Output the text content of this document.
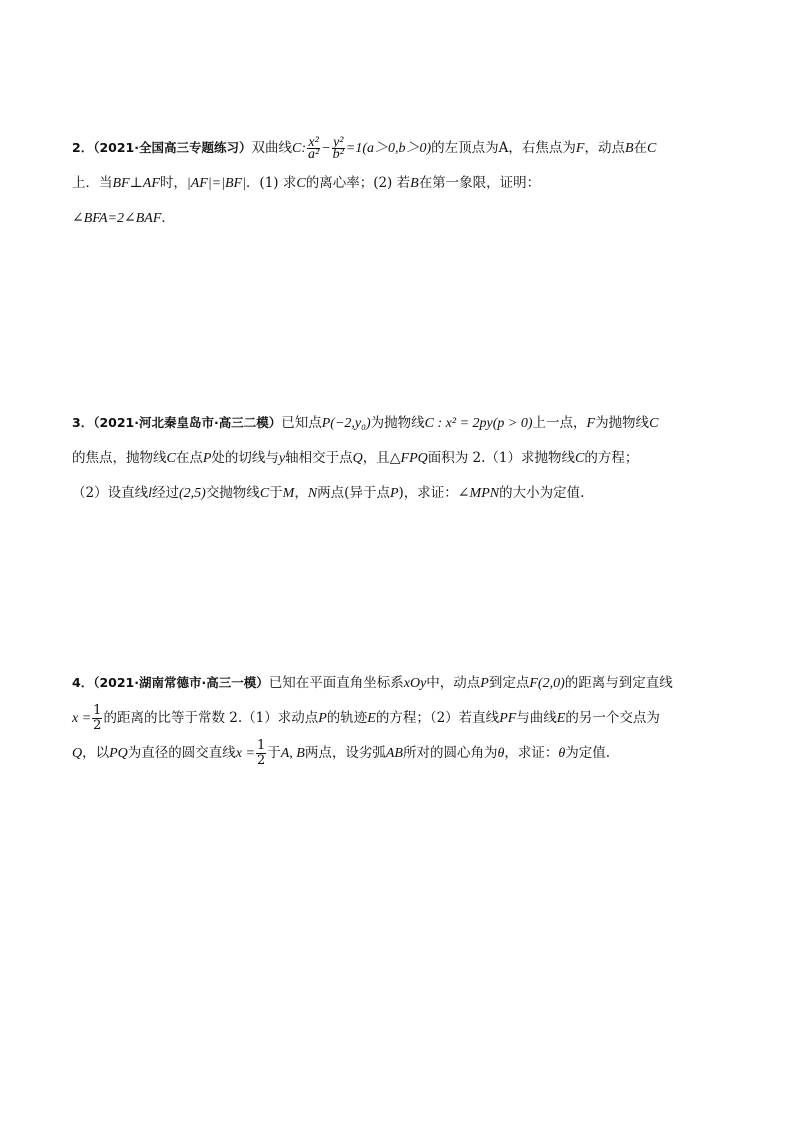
2．（2021·全国高三专题练习）双曲线C: $\frac{\text{x²}}{\text{a²}} - \frac{\text{y²}}{\text{b²}} =1(a>0,b>0)$的左顶点为A，右焦点为F，动点B在C
上．当BF⊥AF时，|AF|=|BF|．(1) 求C的离心率；(2) 若B在第一象限，证明：
∠BFA=2∠BAF．
3．（2021·河北秦皇岛市·高三二模）已知点P(−2,y₀)为抛物线C : x² = 2py(p > 0)上一点，F为抛物线C
的焦点，抛物线C在点P处的切线与y轴相交于点Q，且△FPQ面积为 2.（1）求抛物线C的方程；
（2）设直线l经过(2,5)交抛物线C于M，N两点(异于点P)，求证：∠MPN的大小为定值.
4．（2021·湖南常德市·高三一模）已知在平面直角坐标系xOy中，动点P到定点F(2,0)的距离与到定直线
$x = \frac{1}{2}$ 的距离的比等于常数 2.（1）求动点P的轨迹E的方程；（2）若直线PF与曲线E的另一个交点为
Q，以PQ为直径的圆交直线$x = \frac{1}{2}$ 于A, B两点，设劣弧AB所对的圆心角为θ，求证：θ为定值.
